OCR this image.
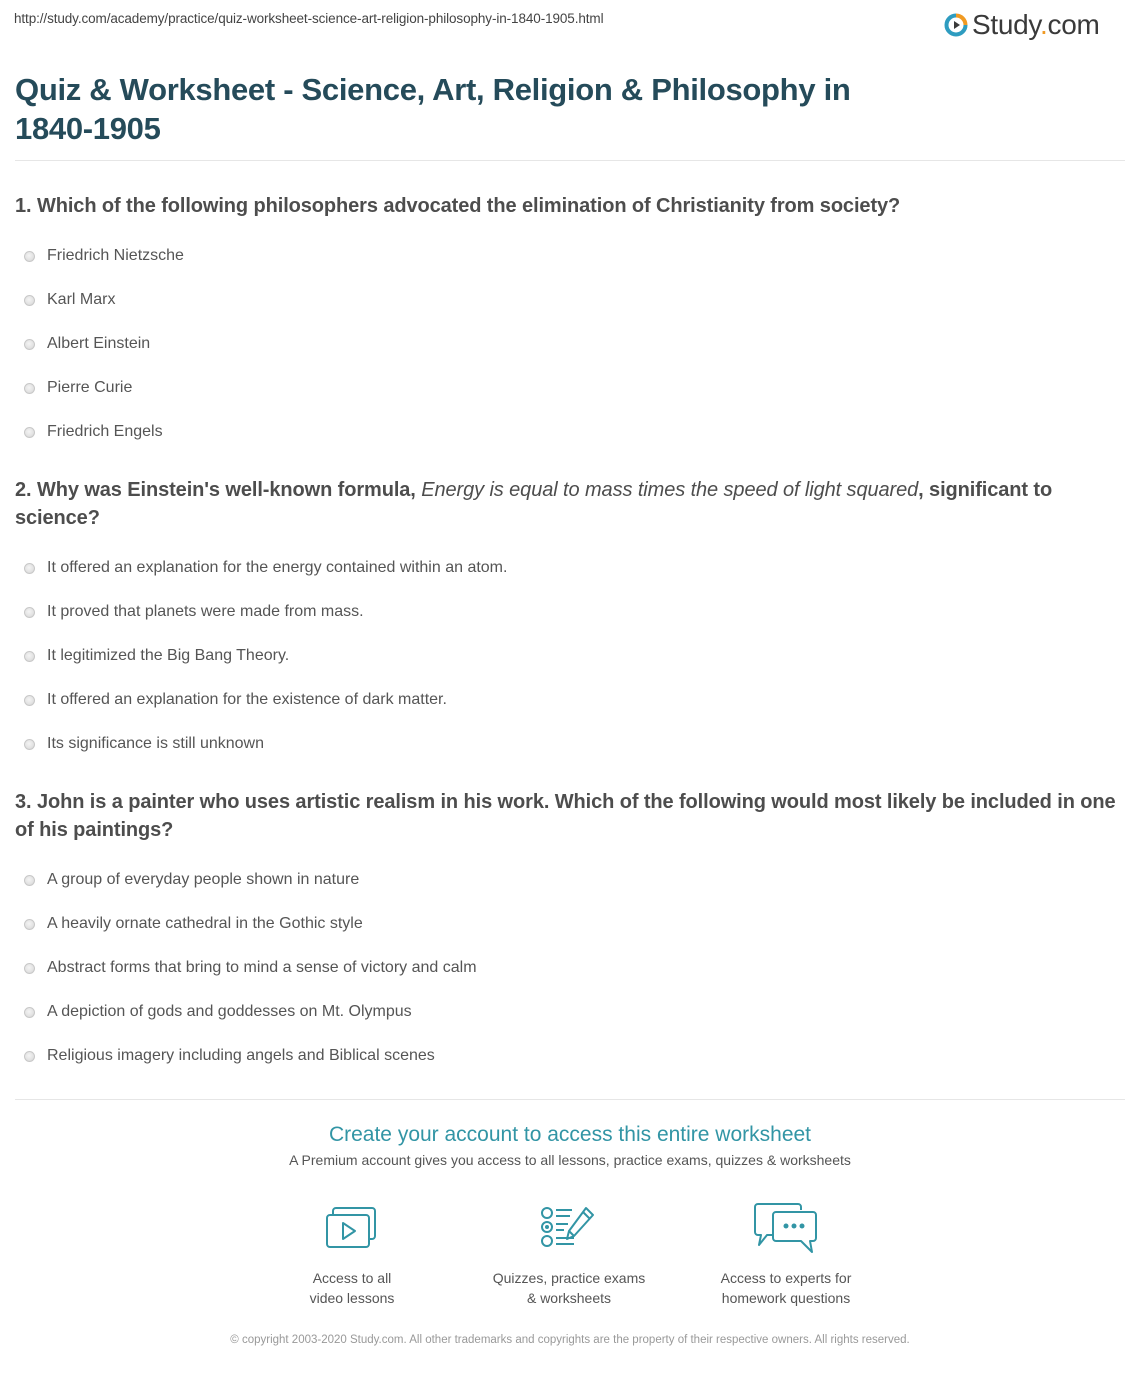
http://study.com/academy/practice/quiz-worksheet-science-art-religion-philosophy-in-1840-1905.html	Study.com
Quiz & Worksheet - Science, Art, Religion & Philosophy in 1840-1905
1. Which of the following philosophers advocated the elimination of Christianity from society?
Friedrich Nietzsche
Karl Marx
Albert Einstein
Pierre Curie
Friedrich Engels
2. Why was Einstein's well-known formula, Energy is equal to mass times the speed of light squared, significant to science?
It offered an explanation for the energy contained within an atom.
It proved that planets were made from mass.
It legitimized the Big Bang Theory.
It offered an explanation for the existence of dark matter.
Its significance is still unknown
3. John is a painter who uses artistic realism in his work. Which of the following would most likely be included in one of his paintings?
A group of everyday people shown in nature
A heavily ornate cathedral in the Gothic style
Abstract forms that bring to mind a sense of victory and calm
A depiction of gods and goddesses on Mt. Olympus
Religious imagery including angels and Biblical scenes
Create your account to access this entire worksheet
A Premium account gives you access to all lessons, practice exams, quizzes & worksheets
Access to all
video lessons
Quizzes, practice exams
& worksheets
Access to experts for
homework questions
© copyright 2003-2020 Study.com. All other trademarks and copyrights are the property of their respective owners. All rights reserved.
